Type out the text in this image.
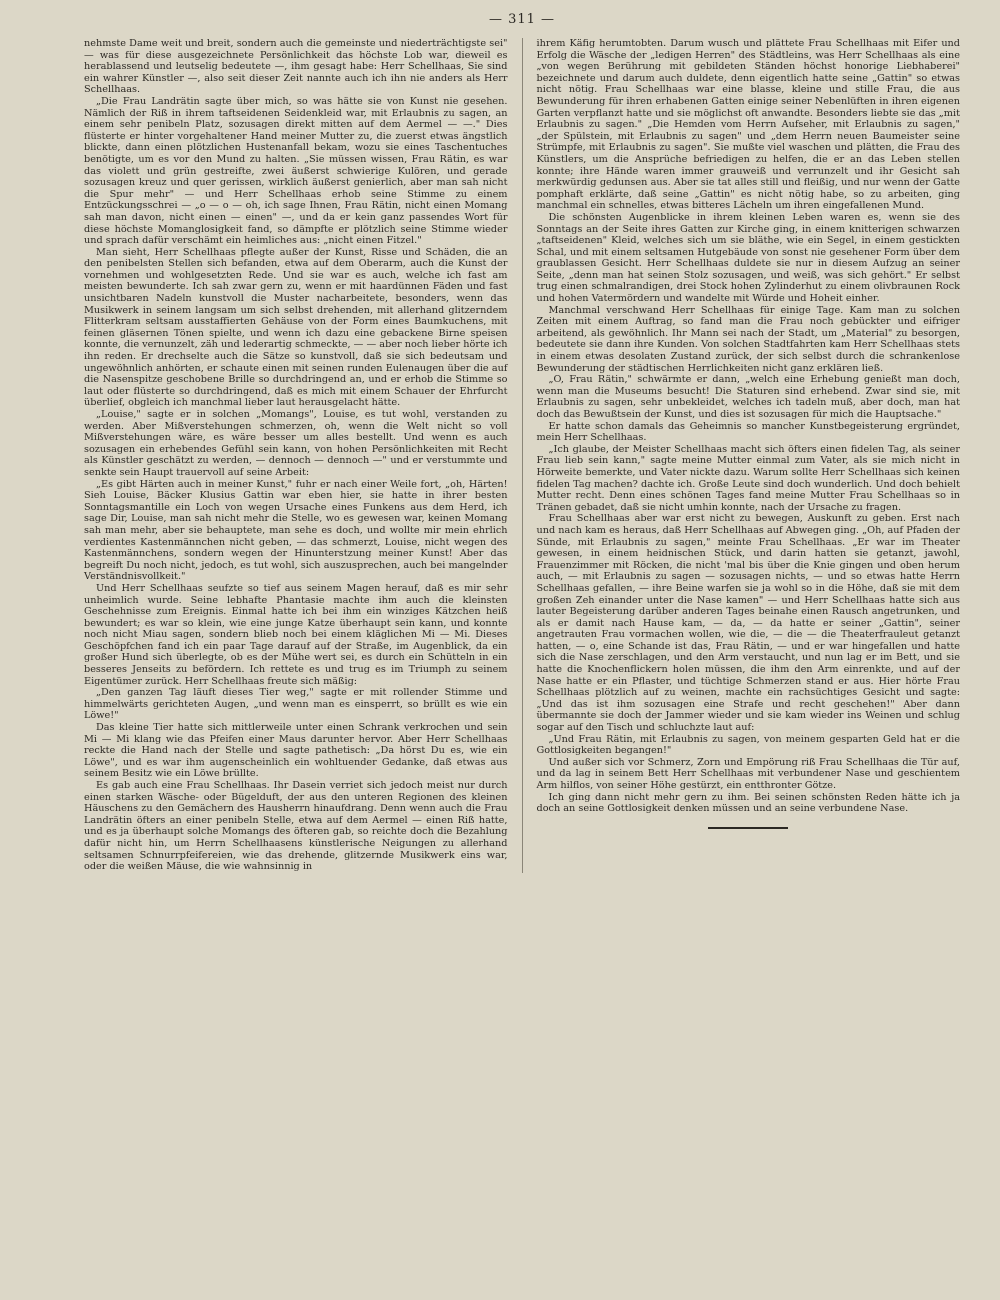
— 311 —

nehmste Dame weit und breit, sondern auch die gemeinste und niederträchtigste sei" — was für diese ausgezeichnete Persönlichkeit das höchste Lob war, dieweil es herablassend und leutselig bedeutete —, ihm gesagt habe: Herr Schellhaas, Sie sind ein wahrer Künstler —, also seit dieser Zeit nannte auch ich ihn nie anders als Herr Schellhaas.

„Die Frau Landrätin sagte über mich, so was hätte sie von Kunst nie gesehen. Nämlich der Riß in ihrem taftseidenen Seidenkleid war, mit Erlaubnis zu sagen, an einem sehr penibeln Platz, sozusagen direkt mitten auf dem Aermel — —." Dies flüsterte er hinter vorgehaltener Hand meiner Mutter zu, die zuerst etwas ängstlich blickte, dann einen plötzlichen Hustenanfall bekam, wozu sie eines Taschentuches benötigte, um es vor den Mund zu halten. „Sie müssen wissen, Frau Rätin, es war das violett und grün gestreifte, zwei äußerst schwierige Kulören, und gerade sozusagen kreuz und quer gerissen, wirklich äußerst genierlich, aber man sah nicht die Spur mehr" — und Herr Schellhaas erhob seine Stimme zu einem Entzückungsschrei — „o — o — oh, ich sage Ihnen, Frau Rätin, nicht einen Momang sah man davon, nicht einen — einen" —, und da er kein ganz passendes Wort für diese höchste Momanglosigkeit fand, so dämpfte er plötzlich seine Stimme wieder und sprach dafür verschämt ein heimliches aus: „nicht einen Fitzel."

Man sieht, Herr Schellhaas pflegte außer der Kunst, Risse und Schäden, die an den penibelsten Stellen sich befanden, etwa auf dem Oberarm, auch die Kunst der vornehmen und wohlgesetzten Rede. Und sie war es auch, welche ich fast am meisten bewunderte. Ich sah zwar gern zu, wenn er mit haardünnen Fäden und fast unsichtbaren Nadeln kunstvoll die Muster nacharbeitete, besonders, wenn das Musikwerk in seinem langsam um sich selbst drehenden, mit allerhand glitzerndem Flitterkram seltsam ausstaffierten Gehäuse von der Form eines Baumkuchens, mit feinen gläsernen Tönen spielte, und wenn ich dazu eine gebackene Birne speisen konnte, die vernunzelt, zäh und lederartig schmeckte, — — aber noch lieber hörte ich ihn reden. Er drechselte auch die Sätze so kunstvoll, daß sie sich bedeutsam und ungewöhnlich anhörten, er schaute einen mit seinen runden Eulenaugen über die auf die Nasenspitze geschobene Brille so durchdringend an, und er erhob die Stimme so laut oder flüsterte so durchdringend, daß es mich mit einem Schauer der Ehrfurcht überlief, obgleich ich manchmal lieber laut herausgelacht hätte.

„Louise," sagte er in solchen „Momangs", Louise, es tut wohl, verstanden zu werden. Aber Mißverstehungen schmerzen, oh, wenn die Welt nicht so voll Mißverstehungen wäre, es wäre besser um alles bestellt. Und wenn es auch sozusagen ein erhebendes Gefühl sein kann, von hohen Persönlichkeiten mit Recht als Künstler geschätzt zu werden, — dennoch — dennoch —" und er verstummte und senkte sein Haupt trauervoll auf seine Arbeit:

„Es gibt Härten auch in meiner Kunst," fuhr er nach einer Weile fort, „oh, Härten! Sieh Louise, Bäcker Klusius Gattin war eben hier, sie hatte in ihrer besten Sonntagsmantille ein Loch von wegen Ursache eines Funkens aus dem Herd, ich sage Dir, Louise, man sah nicht mehr die Stelle, wo es gewesen war, keinen Momang sah man mehr, aber sie behauptete, man sehe es doch, und wollte mir mein ehrlich verdientes Kastenmännchen nicht geben, — das schmerzt, Louise, nicht wegen des Kastenmännchens, sondern wegen der Hinunterstzung meiner Kunst! Aber das begreift Du noch nicht, jedoch, es tut wohl, sich auszusprechen, auch bei mangelnder Verständnisvollkeit."

Und Herr Schellhaas seufzte so tief aus seinem Magen herauf, daß es mir sehr unheimlich wurde. Seine lebhafte Phantasie machte ihm auch die kleinsten Geschehnisse zum Ereignis. Einmal hatte ich bei ihm ein winziges Kätzchen heiß bewundert; es war so klein, wie eine junge Katze überhaupt sein kann, und konnte noch nicht Miau sagen, sondern blieb noch bei einem kläglichen Mi — Mi. Dieses Geschöpfchen fand ich ein paar Tage darauf auf der Straße, im Augenblick, da ein großer Hund sich überlegte, ob es der Mühe wert sei, es durch ein Schütteln in ein besseres Jenseits zu befördern. Ich rettete es und trug es im Triumph zu seinem Eigentümer zurück. Herr Schellhaas freute sich mäßig:

„Den ganzen Tag läuft dieses Tier weg," sagte er mit rollender Stimme und himmelwärts gerichteten Augen, „und wenn man es einsperrt, so brüllt es wie ein Löwe!"

Das kleine Tier hatte sich mittlerweile unter einen Schrank verkrochen und sein Mi — Mi klang wie das Pfeifen einer Maus darunter hervor. Aber Herr Schellhaas reckte die Hand nach der Stelle und sagte pathetisch: „Da hörst Du es, wie ein Löwe", und es war ihm augenscheinlich ein wohltuender Gedanke, daß etwas aus seinem Besitz wie ein Löwe brüllte.

Es gab auch eine Frau Schellhaas. Ihr Dasein verriet sich jedoch meist nur durch einen starken Wäsche- oder Bügelduft, der aus den unteren Regionen des kleinen Häuschens zu den Gemächern des Hausherrn hinaufdrang. Denn wenn auch die Frau Landrätin öfters an einer penibeln Stelle, etwa auf dem Aermel — einen Riß hatte, und es ja überhaupt solche Momangs des öfteren gab, so reichte doch die Bezahlung dafür nicht hin, um Herrn Schellhaasens künstlerische Neigungen zu allerhand seltsamen Schnurrpfeifereien, wie das drehende, glitzernde Musikwerk eins war, oder die weißen Mäuse, die wie wahnsinnig in

ihrem Käfig herumtobten. Darum wusch und plättete Frau Schellhaas mit Eifer und Erfolg die Wäsche der „ledigen Herren" des Städtleins, was Herr Schellhaas als eine „von wegen Berührung mit gebildeten Ständen höchst honorige Liebhaberei" bezeichnete und darum auch duldete, denn eigentlich hatte seine „Gattin" so etwas nicht nötig. Frau Schellhaas war eine blasse, kleine und stille Frau, die aus Bewunderung für ihren erhabenen Gatten einige seiner Nebenlüften in ihren eigenen Garten verpflanzt hatte und sie möglichst oft anwandte. Besonders liebte sie das „mit Erlaubnis zu sagen." „Die Hemden vom Herrn Aufseher, mit Erlaubnis zu sagen," „der Spülstein, mit Erlaubnis zu sagen" und „dem Herrn neuen Baumeister seine Strümpfe, mit Erlaubnis zu sagen". Sie mußte viel waschen und plätten, die Frau des Künstlers, um die Ansprüche befriedigen zu helfen, die er an das Leben stellen konnte; ihre Hände waren immer grauweiß und verrunzelt und ihr Gesicht sah merkwürdig gedunsen aus. Aber sie tat alles still und fleißig, und nur wenn der Gatte pomphaft erklärte, daß seine „Gattin" es nicht nötig habe, so zu arbeiten, ging manchmal ein schnelles, etwas bitteres Lächeln um ihren eingefallenen Mund.

Die schönsten Augenblicke in ihrem kleinen Leben waren es, wenn sie des Sonntags an der Seite ihres Gatten zur Kirche ging, in einem knitterigen schwarzen „taftseidenen" Kleid, welches sich um sie bläthe, wie ein Segel, in einem gestickten Schal, und mit einem seltsamen Hutgebäude von sonst nie gesehener Form über dem graublassen Gesicht. Herr Schellhaas duldete sie nur in diesem Aufzug an seiner Seite, „denn man hat seinen Stolz sozusagen, und weiß, was sich gehört." Er selbst trug einen schmalrandigen, drei Stock hohen Zylinderhut zu einem olivbraunen Rock und hohen Vatermördern und wandelte mit Würde und Hoheit einher.

Manchmal verschwand Herr Schellhaas für einige Tage. Kam man zu solchen Zeiten mit einem Auftrag, so fand man die Frau noch gebückter und eifriger arbeitend, als gewöhnlich. Ihr Mann sei nach der Stadt, um „Material" zu besorgen, bedeutete sie dann ihre Kunden. Von solchen Stadtfahrten kam Herr Schellhaas stets in einem etwas desolaten Zustand zurück, der sich selbst durch die schrankenlose Bewunderung der städtischen Herrlichkeiten nicht ganz erklären ließ.

„O, Frau Rätin," schwärmte er dann, „welch eine Erhebung genießt man doch, wenn man die Museums besucht! Die Staturen sind erhebend. Zwar sind sie, mit Erlaubnis zu sagen, sehr unbekleidet, welches ich tadeln muß, aber doch, man hat doch das Bewußtsein der Kunst, und dies ist sozusagen für mich die Hauptsache."

Er hatte schon damals das Geheimnis so mancher Kunstbegeisterung ergründet, mein Herr Schellhaas.

„Ich glaube, der Meister Schellhaas macht sich öfters einen fidelen Tag, als seiner Frau lieb sein kann," sagte meine Mutter einmal zum Vater, als sie mich nicht in Hörweite bemerkte, und Vater nickte dazu. Warum sollte Herr Schellhaas sich keinen fidelen Tag machen? dachte ich. Große Leute sind doch wunderlich. Und doch behielt Mutter recht. Denn eines schönen Tages fand meine Mutter Frau Schellhaas so in Tränen gebadet, daß sie nicht umhin konnte, nach der Ursache zu fragen.

Frau Schellhaas aber war erst nicht zu bewegen, Auskunft zu geben. Erst nach und nach kam es heraus, daß Herr Schellhaas auf Abwegen ging. „Oh, auf Pfaden der Sünde, mit Erlaubnis zu sagen," meinte Frau Schellhaas. „Er war im Theater gewesen, in einem heidnischen Stück, und darin hatten sie getanzt, jawohl, Frauenzimmer mit Röcken, die nicht 'mal bis über die Knie gingen und oben herum auch, — mit Erlaubnis zu sagen — sozusagen nichts, — und so etwas hatte Herrn Schellhaas gefallen, — ihre Beine warfen sie ja wohl so in die Höhe, daß sie mit dem großen Zeh einander unter die Nase kamen" — und Herr Schellhaas hatte sich aus lauter Begeisterung darüber anderen Tages beinahe einen Rausch angetrunken, und als er damit nach Hause kam, — da, — da hatte er seiner „Gattin", seiner angetrauten Frau vormachen wollen, wie die, — die — die Theaterfrauleut getanzt hatten, — o, eine Schande ist das, Frau Rätin, — und er war hingefallen und hatte sich die Nase zerschlagen, und den Arm verstaucht, und nun lag er im Bett, und sie hatte die Knochenflickern holen müssen, die ihm den Arm einrenkte, und auf der Nase hatte er ein Pflaster, und tüchtige Schmerzen stand er aus. Hier hörte Frau Schellhaas plötzlich auf zu weinen, machte ein rachsüchtiges Gesicht und sagte: „Und das ist ihm sozusagen eine Strafe und recht geschehen!" Aber dann übermannte sie doch der Jammer wieder und sie kam wieder ins Weinen und schlug sogar auf den Tisch und schluchzte laut auf:

„Und Frau Rätin, mit Erlaubnis zu sagen, von meinem gesparten Geld hat er die Gottlosigkeiten begangen!"

Und außer sich vor Schmerz, Zorn und Empörung riß Frau Schellhaas die Tür auf, und da lag in seinem Bett Herr Schellhaas mit verbundener Nase und geschientem Arm hilflos, von seiner Höhe gestürzt, ein entthronter Götze.

Ich ging dann nicht mehr gern zu ihm. Bei seinen schönsten Reden hätte ich ja doch an seine Gottlosigkeit denken müssen und an seine verbundene Nase.
